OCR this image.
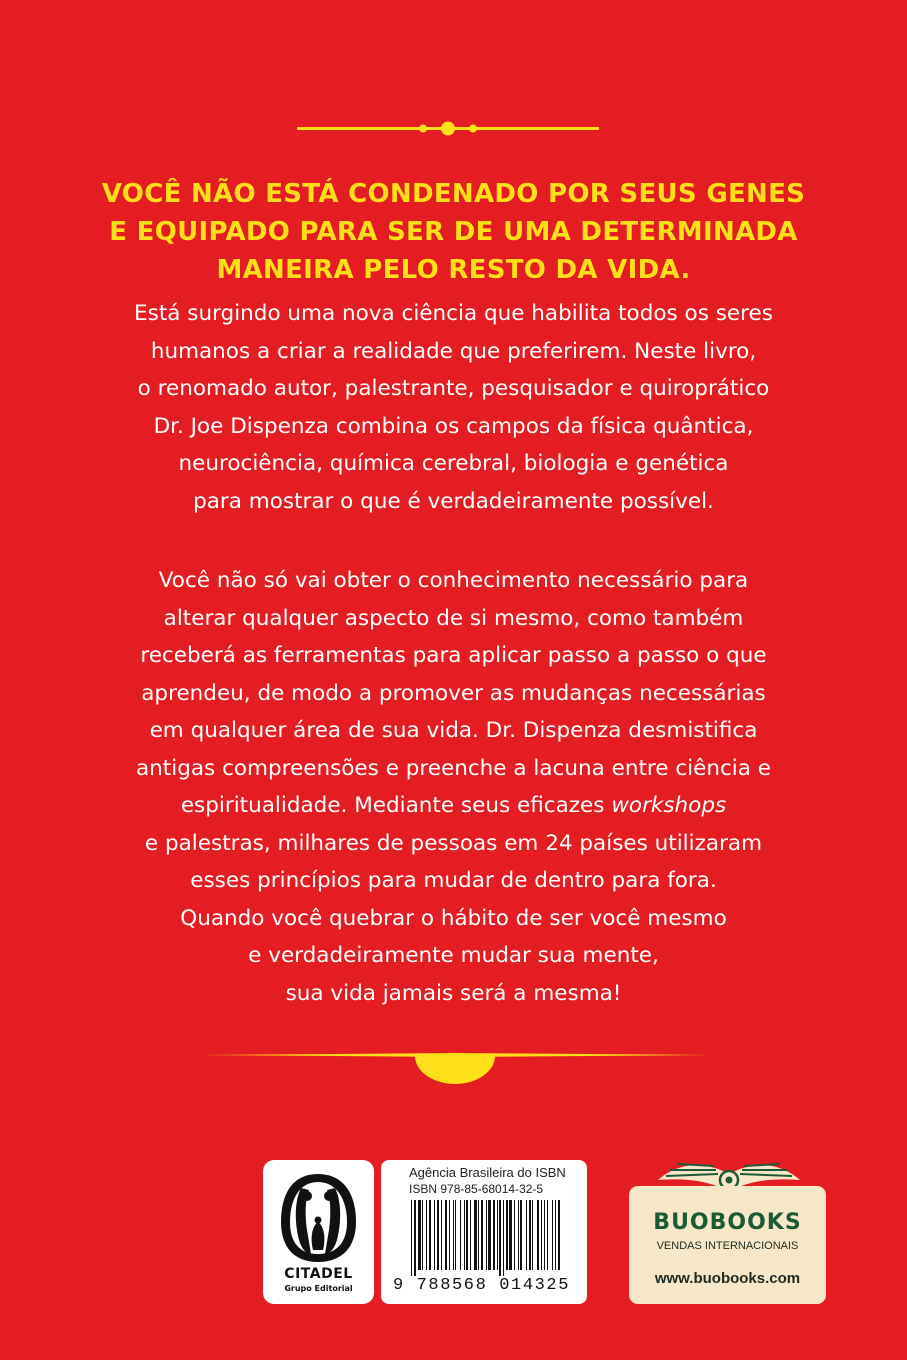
VOCÊ NÃO ESTÁ CONDENADO POR SEUS GENES
E EQUIPADO PARA SER DE UMA DETERMINADA
MANEIRA PELO RESTO DA VIDA.

Está surgindo uma nova ciência que habilita todos os seres
humanos a criar a realidade que preferirem. Neste livro,
o renomado autor, palestrante, pesquisador e quiroprático
Dr. Joe Dispenza combina os campos da física quântica,
neurociência, química cerebral, biologia e genética
para mostrar o que é verdadeiramente possível.

Você não só vai obter o conhecimento necessário para
alterar qualquer aspecto de si mesmo, como também
receberá as ferramentas para aplicar passo a passo o que
aprendeu, de modo a promover as mudanças necessárias
em qualquer área de sua vida. Dr. Dispenza desmistifica
antigas compreensões e preenche a lacuna entre ciência e
espiritualidade. Mediante seus eficazes workshops
e palestras, milhares de pessoas em 24 países utilizaram
esses princípios para mudar de dentro para fora.
Quando você quebrar o hábito de ser você mesmo
e verdadeiramente mudar sua mente,
sua vida jamais será a mesma!

CITADEL
Grupo Editorial
Agência Brasileira do ISBN
ISBN 978-85-68014-32-5
9 788568 014325
BUOBOOKS
VENDAS INTERNACIONAIS
www.buobooks.com
